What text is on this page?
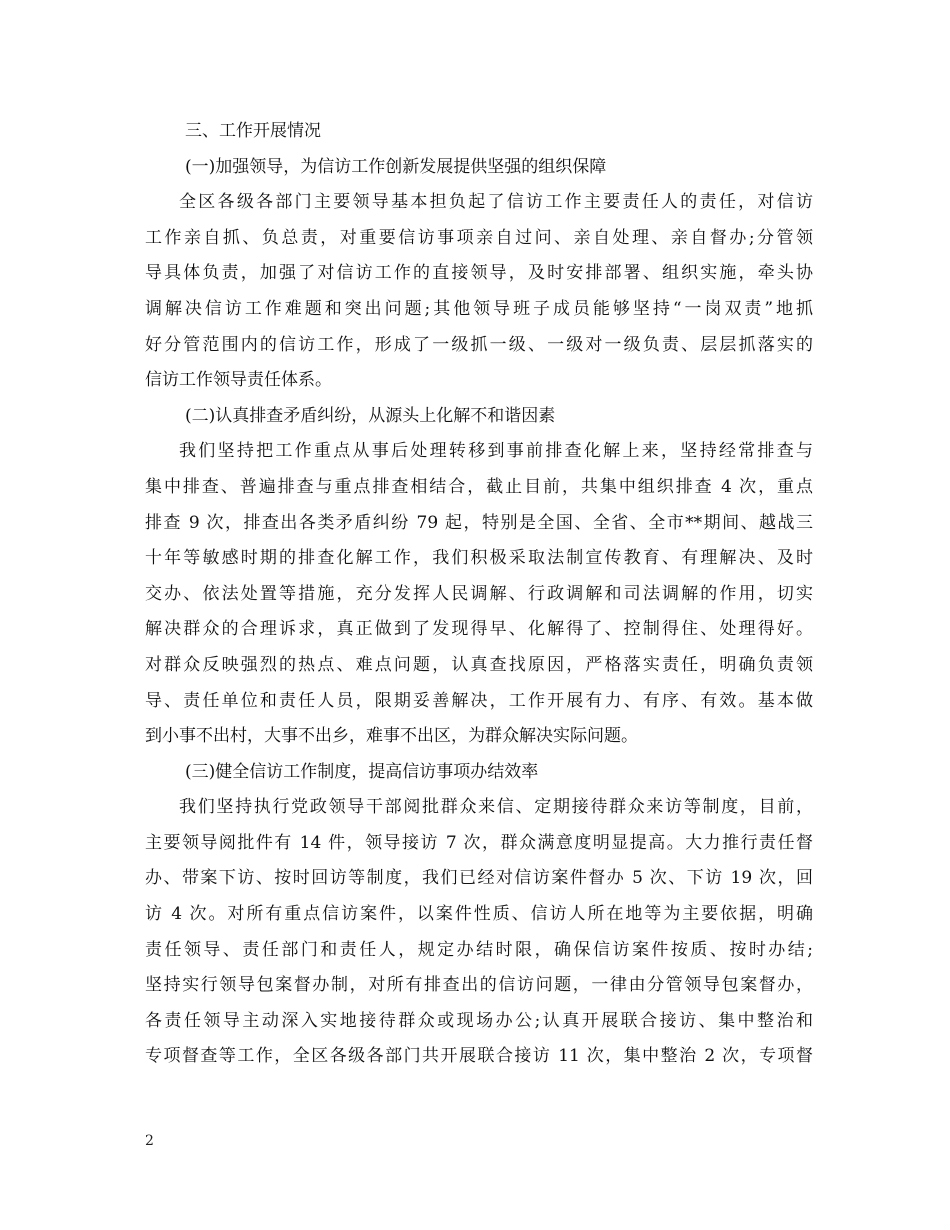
三、工作开展情况
(一)加强领导，为信访工作创新发展提供坚强的组织保障
全区各级各部门主要领导基本担负起了信访工作主要责任人的责任，对信访
工作亲自抓、负总责，对重要信访事项亲自过问、亲自处理、亲自督办;分管领
导具体负责，加强了对信访工作的直接领导，及时安排部署、组织实施，牵头协
调解决信访工作难题和突出问题;其他领导班子成员能够坚持“一岗双责”地抓
好分管范围内的信访工作，形成了一级抓一级、一级对一级负责、层层抓落实的
信访工作领导责任体系。
(二)认真排查矛盾纠纷，从源头上化解不和谐因素
我们坚持把工作重点从事后处理转移到事前排查化解上来，坚持经常排查与
集中排查、普遍排查与重点排查相结合，截止目前，共集中组织排查 4 次，重点
排查 9 次，排查出各类矛盾纠纷 79 起，特别是全国、全省、全市**期间、越战三
十年等敏感时期的排查化解工作，我们积极采取法制宣传教育、有理解决、及时
交办、依法处置等措施，充分发挥人民调解、行政调解和司法调解的作用，切实
解决群众的合理诉求，真正做到了发现得早、化解得了、控制得住、处理得好。
对群众反映强烈的热点、难点问题，认真查找原因，严格落实责任，明确负责领
导、责任单位和责任人员，限期妥善解决，工作开展有力、有序、有效。基本做
到小事不出村，大事不出乡，难事不出区，为群众解决实际问题。
(三)健全信访工作制度，提高信访事项办结效率
我们坚持执行党政领导干部阅批群众来信、定期接待群众来访等制度，目前，
主要领导阅批件有 14 件，领导接访 7 次，群众满意度明显提高。大力推行责任督
办、带案下访、按时回访等制度，我们已经对信访案件督办 5 次、下访 19 次，回
访 4 次。对所有重点信访案件，以案件性质、信访人所在地等为主要依据，明确
责任领导、责任部门和责任人，规定办结时限，确保信访案件按质、按时办结;
坚持实行领导包案督办制，对所有排查出的信访问题，一律由分管领导包案督办，
各责任领导主动深入实地接待群众或现场办公;认真开展联合接访、集中整治和
专项督查等工作，全区各级各部门共开展联合接访 11 次，集中整治 2 次，专项督
2
